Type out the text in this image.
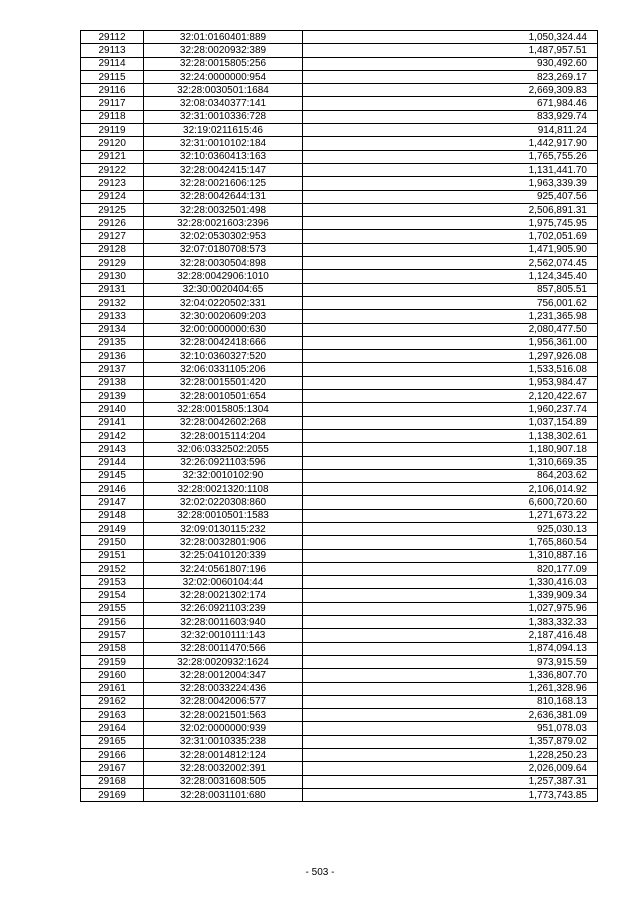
29112	32:01:0160401:889	1,050,324.44
29113	32:28:0020932:389	1,487,957.51
29114	32:28:0015805:256	930,492.60
29115	32:24:0000000:954	823,269.17
29116	32:28:0030501:1684	2,669,309.83
29117	32:08:0340377:141	671,984.46
29118	32:31:0010336:728	833,929.74
29119	32:19:0211615:46	914,811.24
29120	32:31:0010102:184	1,442,917.90
29121	32:10:0360413:163	1,765,755.26
29122	32:28:0042415:147	1,131,441.70
29123	32:28:0021606:125	1,963,339.39
29124	32:28:0042644:131	925,407.56
29125	32:28:0032501:498	2,506,891.31
29126	32:28:0021603:2396	1,975,745.95
29127	32:02:0530302:953	1,702,051.69
29128	32:07:0180708:573	1,471,905.90
29129	32:28:0030504:898	2,562,074.45
29130	32:28:0042906:1010	1,124,345.40
29131	32:30:0020404:65	857,805.51
29132	32:04:0220502:331	756,001.62
29133	32:30:0020609:203	1,231,365.98
29134	32:00:0000000:630	2,080,477.50
29135	32:28:0042418:666	1,956,361.00
29136	32:10:0360327:520	1,297,926.08
29137	32:06:0331105:206	1,533,516.08
29138	32:28:0015501:420	1,953,984.47
29139	32:28:0010501:654	2,120,422.67
29140	32:28:0015805:1304	1,960,237.74
29141	32:28:0042602:268	1,037,154.89
29142	32:28:0015114:204	1,138,302.61
29143	32:06:0332502:2055	1,180,907.18
29144	32:26:0921103:596	1,310,669.35
29145	32:32:0010102:90	864,203.62
29146	32:28:0021320:1108	2,106,014.92
29147	32:02:0220308:860	6,600,720.60
29148	32:28:0010501:1583	1,271,673.22
29149	32:09:0130115:232	925,030.13
29150	32:28:0032801:906	1,765,860.54
29151	32:25:0410120:339	1,310,887.16
29152	32:24:0561807:196	820,177.09
29153	32:02:0060104:44	1,330,416.03
29154	32:28:0021302:174	1,339,909.34
29155	32:26:0921103:239	1,027,975.96
29156	32:28:0011603:940	1,383,332.33
29157	32:32:0010111:143	2,187,416.48
29158	32:28:0011470:566	1,874,094.13
29159	32:28:0020932:1624	973,915.59
29160	32:28:0012004:347	1,336,807.70
29161	32:28:0033224:436	1,261,328.96
29162	32:28:0042006:577	810,168.13
29163	32:28:0021501:563	2,636,381.09
29164	32:02:0000000:939	951,078.03
29165	32:31:0010335:238	1,357,879.02
29166	32:28:0014812:124	1,228,250.23
29167	32:28:0032002:391	2,026,009.64
29168	32:28:0031608:505	1,257,387.31
29169	32:28:0031101:680	1,773,743.85
- 503 -
